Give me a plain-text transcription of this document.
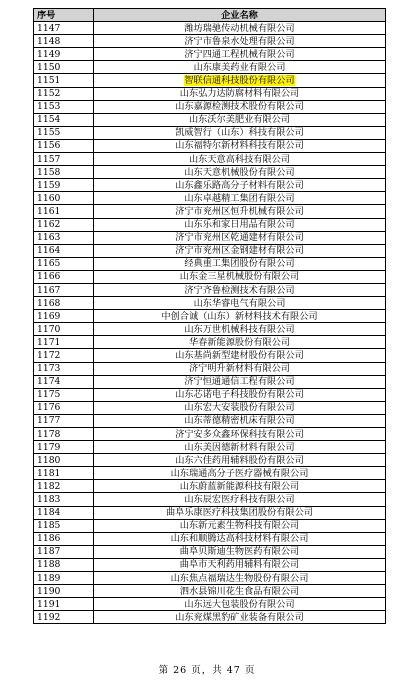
序号	企业名称
1147	潍坊瑞驰传动机械有限公司
1148	济宁市鲁泉水处理有限公司
1149	济宁四通工程机械有限公司
1150	山东康美药业有限公司
1151	智联信通科技股份有限公司
1152	山东弘力达防腐材料有限公司
1153	山东嘉源检测技术股份有限公司
1154	山东沃尔美肥业有限公司
1155	凯威智行（山东）科技有限公司
1156	山东福特尔新材料科技有限公司
1157	山东天意高科技有限公司
1158	山东天意机械股份有限公司
1159	山东鑫乐路高分子材料有限公司
1160	山东卓越精工集团有限公司
1161	济宁市兖州区恒升机械有限公司
1162	山东乐和家日用品有限公司
1163	济宁市兖州区乾通建材有限公司
1164	济宁市兖州区金钢建材有限公司
1165	经典重工集团股份有限公司
1166	山东金三星机械股份有限公司
1167	济宁齐鲁检测技术有限公司
1168	山东华睿电气有限公司
1169	中创合诚（山东）新材料技术有限公司
1170	山东万世机械科技有限公司
1171	华春新能源股份有限公司
1172	山东基尚新型建材股份有限公司
1173	济宁明升新材料有限公司
1174	济宁恒通通信工程有限公司
1175	山东芯诺电子科技股份有限公司
1176	山东宏大安装股份有限公司
1177	山东蒂德精密机床有限公司
1178	济宁安多众鑫环保科技有限公司
1179	山东美因德新材料有限公司
1180	山东六佳药用辅料股份有限公司
1181	山东瑞通高分子医疗器械有限公司
1182	山东蔚蓝新能源科技有限公司
1183	山东辰宏医疗科技有限公司
1184	曲阜乐康医疗科技集团股份有限公司
1185	山东新元素生物科技有限公司
1186	山东和顺腾达高科技材料有限公司
1187	曲阜贝斯迪生物医药有限公司
1188	曲阜市天利药用辅料有限公司
1189	山东焦点福瑞达生物股份有限公司
1190	泗水县锦川花生食品有限公司
1191	山东远大包装股份有限公司
1192	山东兖煤黑豹矿业装备有限公司
第 26 页，共 47 页
